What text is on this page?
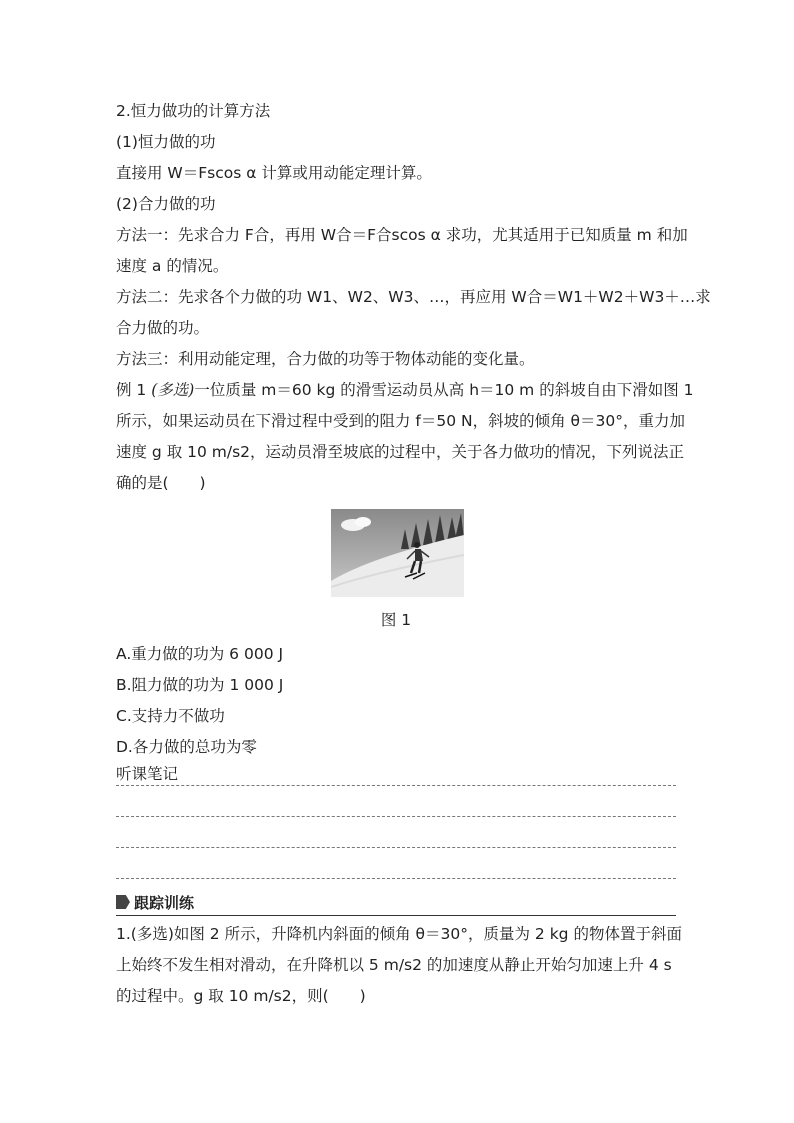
2.恒力做功的计算方法
(1)恒力做的功
直接用 W＝Fscos α 计算或用动能定理计算。
(2)合力做的功
方法一：先求合力 F合，再用 W合＝F合scos α 求功，尤其适用于已知质量 m 和加
速度 a 的情况。
方法二：先求各个力做的功 W1、W2、W3、…，再应用 W合＝W1＋W2＋W3＋…求
合力做的功。
方法三：利用动能定理，合力做的功等于物体动能的变化量。
例 1 (多选)一位质量 m＝60 kg 的滑雪运动员从高 h＝10 m 的斜坡自由下滑如图 1
所示，如果运动员在下滑过程中受到的阻力 f＝50 N，斜坡的倾角 θ＝30°，重力加
速度 g 取 10 m/s2，运动员滑至坡底的过程中，关于各力做功的情况，下列说法正
确的是(　　)
图 1
A.重力做的功为 6 000 J
B.阻力做的功为 1 000 J
C.支持力不做功
D.各力做的总功为零
听课笔记
跟踪训练
1.(多选)如图 2 所示，升降机内斜面的倾角 θ＝30°，质量为 2 kg 的物体置于斜面
上始终不发生相对滑动，在升降机以 5 m/s2 的加速度从静止开始匀加速上升 4 s
的过程中。g 取 10 m/s2，则(　　)
